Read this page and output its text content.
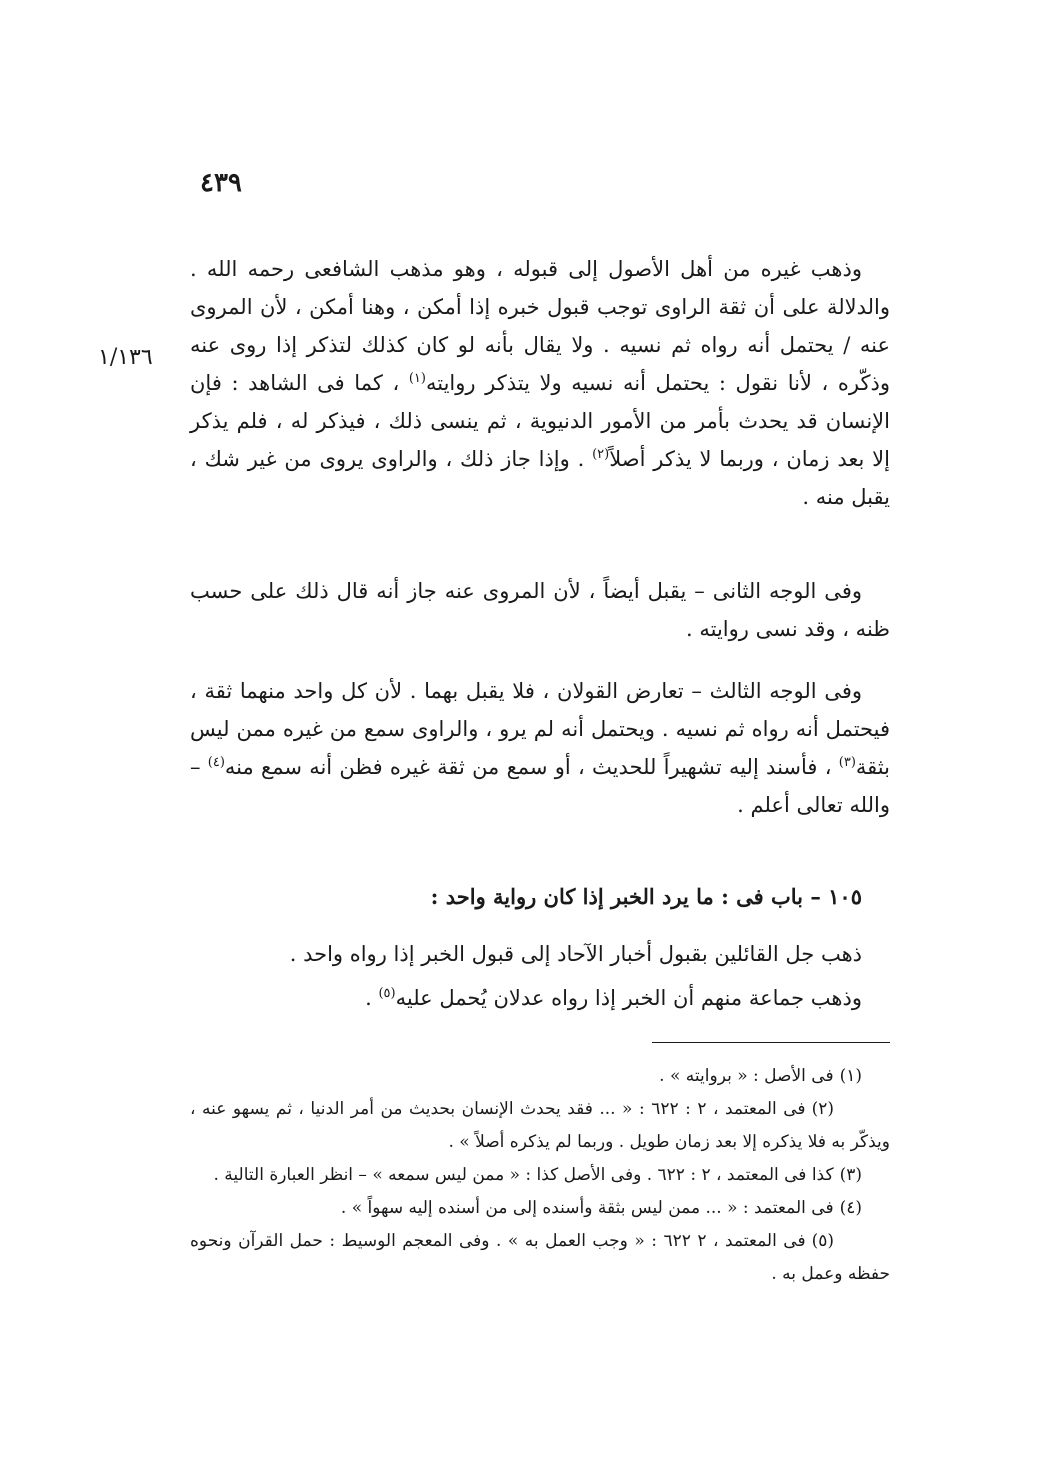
٤٣٩
١/١٣٦

وذهب غيره من أهل الأصول إلى قبوله ، وهو مذهب الشافعى رحمه الله . والدلالة على أن ثقة الراوى توجب قبول خبره إذا أمكن ، وهنا أمكن ، لأن المروى عنه / يحتمل أنه رواه ثم نسيه . ولا يقال بأنه لو كان كذلك لتذكر إذا روى عنه وذكّره ، لأنا نقول : يحتمل أنه نسيه ولا يتذكر روايته$^{(١)}$ ، كما فى الشاهد : فإن الإنسان قد يحدث بأمر من الأمور الدنيوية ، ثم ينسى ذلك ، فيذكر له ، فلم يذكر إلا بعد زمان ، وربما لا يذكر أصلاً$^{(٢)}$ . وإذا جاز ذلك ، والراوى يروى من غير شك ، يقبل منه .

وفى الوجه الثانى – يقبل أيضاً ، لأن المروى عنه جاز أنه قال ذلك على حسب ظنه ، وقد نسى روايته .

وفى الوجه الثالث – تعارض القولان ، فلا يقبل بهما . لأن كل واحد منهما ثقة ، فيحتمل أنه رواه ثم نسيه . ويحتمل أنه لم يرو ، والراوى سمع من غيره ممن ليس بثقة$^{(٣)}$ ، فأسند إليه تشهيراً للحديث ، أو سمع من ثقة غيره فظن أنه سمع منه$^{(٤)}$ – والله تعالى أعلم .

١٠٥ – باب فى : ما يرد الخبر إذا كان رواية واحد :

ذهب جل القائلين بقبول أخبار الآحاد إلى قبول الخبر إذا رواه واحد .

وذهب جماعة منهم أن الخبر إذا رواه عدلان يُحمل عليه$^{(٥)}$ .

(١)فى الأصل : « بروايته » .

(٢)فى المعتمد ، ٢ : ٦٢٢ : « ... فقد يحدث الإنسان بحديث من أمر الدنيا ، ثم يسهو عنه ، ويذكّر به فلا يذكره إلا بعد زمان طويل . وربما لم يذكره أصلاً » .

(٣)كذا فى المعتمد ، ٢ : ٦٢٢ . وفى الأصل كذا : « ممن ليس سمعه » – انظر العبارة التالية .

(٤)فى المعتمد : « ... ممن ليس بثقة وأسنده إلى من أسنده إليه سهواً » .

(٥)فى المعتمد ، ٢ ٦٢٢ : « وجب العمل به » . وفى المعجم الوسيط : حمل القرآن ونحوه حفظه وعمل به .
